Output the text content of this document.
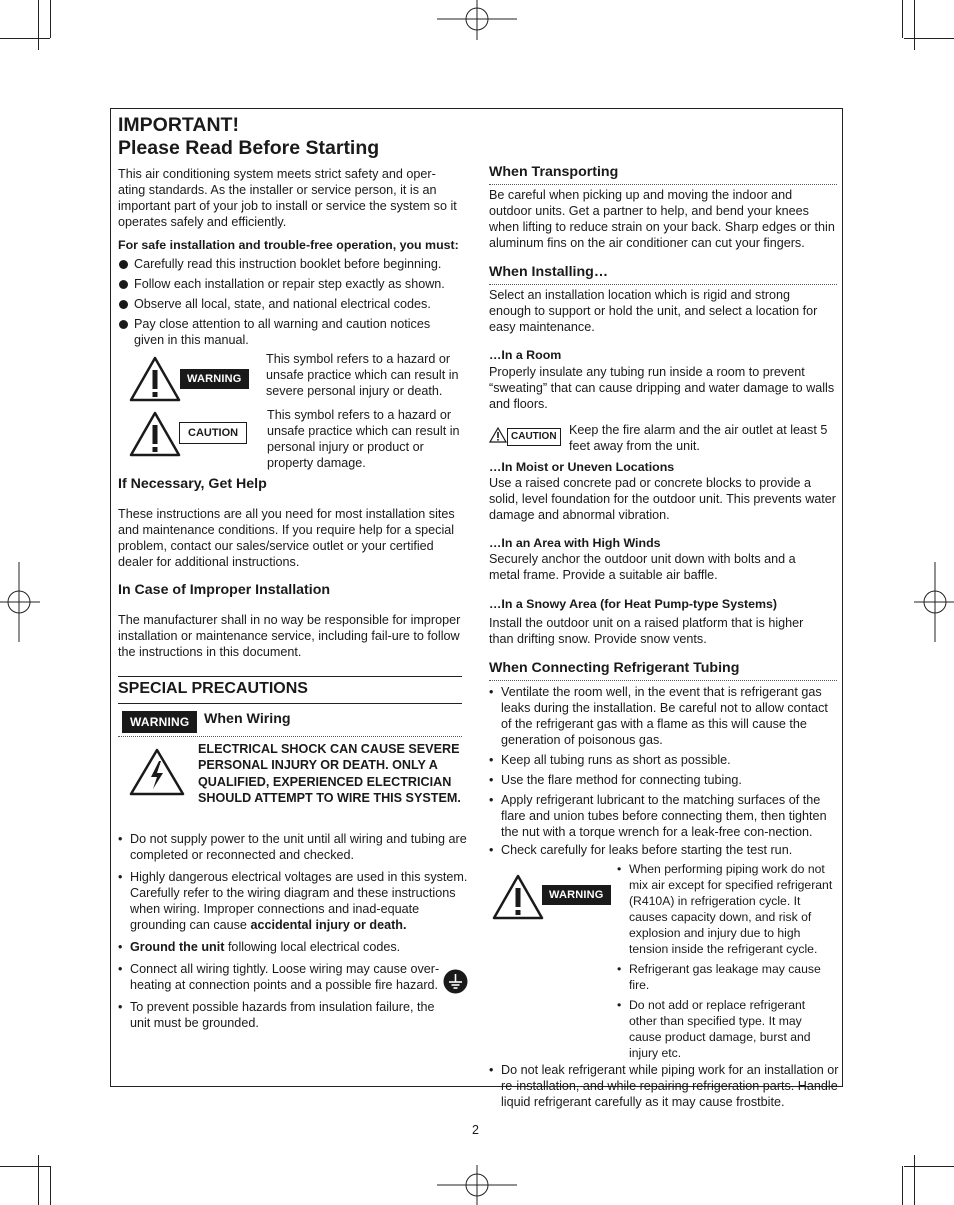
IMPORTANT!
Please Read Before Starting

This air conditioning system meets strict safety and oper-ating standards. As the installer or service person, it is an important part of your job to install or service the system so it operates safely and efficiently.

For safe installation and trouble-free operation, you must:

Carefully read this instruction booklet before beginning.
Follow each installation or repair step exactly as shown.
Observe all local, state, and national electrical codes.
Pay close attention to all warning and caution notices given in this manual.
WARNING
This symbol refers to a hazard or unsafe practice which can result in severe personal injury or death.
CAUTION
This symbol refers to a hazard or unsafe practice which can result in personal injury or product or property damage.
If Necessary, Get Help

These instructions are all you need for most installation sites and maintenance conditions. If you require help for a special problem, contact our sales/service outlet or your certified dealer for additional instructions.

In Case of Improper Installation

The manufacturer shall in no way be responsible for improper installation or maintenance service, including fail-ure to follow the instructions in this document.

SPECIAL PRECAUTIONS
WARNING	When Wiring
ELECTRICAL SHOCK CAN CAUSE SEVERE PERSONAL INJURY OR DEATH. ONLY A QUALIFIED, EXPERIENCED ELECTRICIAN SHOULD ATTEMPT TO WIRE THIS SYSTEM.
• Do not supply power to the unit until all wiring and tubing are completed or reconnected and checked.
• Highly dangerous electrical voltages are used in this system. Carefully refer to the wiring diagram and these instructions when wiring. Improper connections and inad-equate grounding can cause accidental injury or death.
• Ground the unit following local electrical codes.
• Connect all wiring tightly. Loose wiring may cause over-heating at connection points and a possible fire hazard.
• To prevent possible hazards from insulation failure, the unit must be grounded.
When Transporting

Be careful when picking up and moving the indoor and outdoor units. Get a partner to help, and bend your knees when lifting to reduce strain on your back. Sharp edges or thin aluminum fins on the air conditioner can cut your fingers.

When Installing…

Select an installation location which is rigid and strong enough to support or hold the unit, and select a location for easy maintenance.

…In a Room

Properly insulate any tubing run inside a room to prevent “sweating” that can cause dripping and water damage to walls and floors.

CAUTION Keep the fire alarm and the air outlet at least 5 feet away from the unit.
…In Moist or Uneven Locations

Use a raised concrete pad or concrete blocks to provide a solid, level foundation for the outdoor unit. This prevents water damage and abnormal vibration.

…In an Area with High Winds

Securely anchor the outdoor unit down with bolts and a metal frame. Provide a suitable air baffle.

…In a Snowy Area (for Heat Pump-type Systems)

Install the outdoor unit on a raised platform that is higher than drifting snow. Provide snow vents.

When Connecting Refrigerant Tubing
• Ventilate the room well, in the event that is refrigerant gas leaks during the installation. Be careful not to allow contact of the refrigerant gas with a flame as this will cause the generation of poisonous gas.
• Keep all tubing runs as short as possible.
• Use the flare method for connecting tubing.
• Apply refrigerant lubricant to the matching surfaces of the flare and union tubes before connecting them, then tighten the nut with a torque wrench for a leak-free con-nection.
• Check carefully for leaks before starting the test run.
WARNING
• When performing piping work do not mix air except for specified refrigerant (R410A) in refrigeration cycle. It causes capacity down, and risk of explosion and injury due to high tension inside the refrigerant cycle.
• Refrigerant gas leakage may cause fire.
• Do not add or replace refrigerant other than specified type. It may cause product damage, burst and injury etc.
• Do not leak refrigerant while piping work for an installation or re-installation, and while repairing refrigeration parts. Handle liquid refrigerant carefully as it may cause frostbite.
2
